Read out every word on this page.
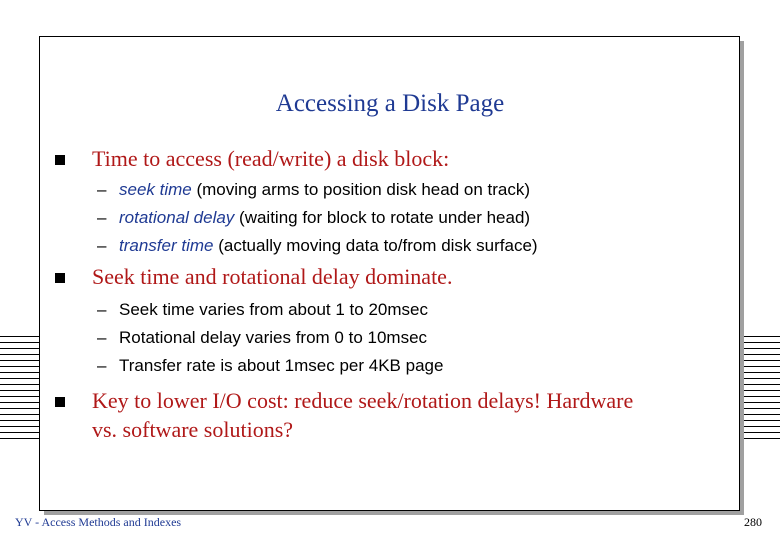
Accessing a Disk Page
Time to access (read/write) a disk block:
– seek time (moving arms to position disk head on track)
– rotational delay (waiting for block to rotate under head)
– transfer time (actually moving data to/from disk surface)
Seek time and rotational delay dominate.
– Seek time varies from about 1 to 20msec
– Rotational delay varies from 0 to 10msec
– Transfer rate is about 1msec per 4KB page
Key to lower I/O cost: reduce seek/rotation delays! Hardware
vs. software solutions?
YV - Access Methods and Indexes	280
